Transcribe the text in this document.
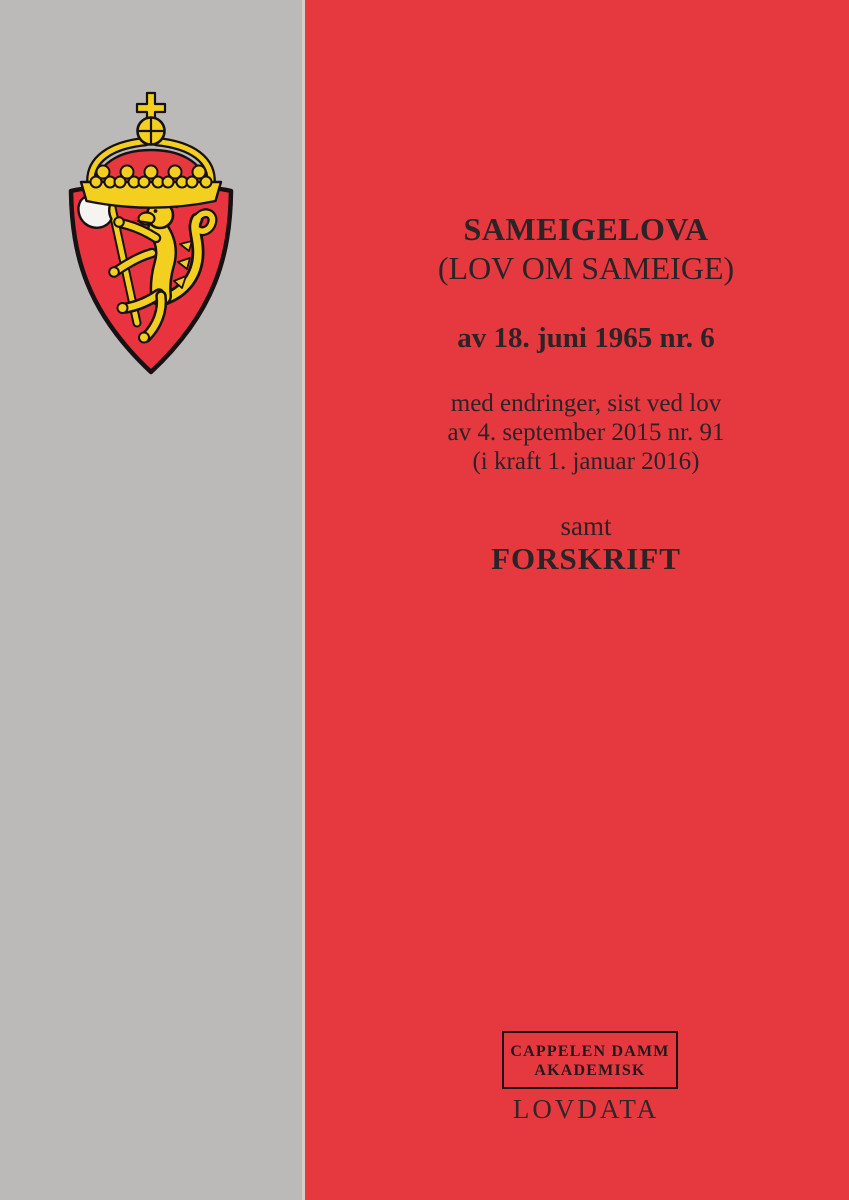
SAMEIGELOVA
(LOV OM SAMEIGE)
av 18. juni 1965 nr. 6
med endringer, sist ved lov
av 4. september 2015 nr. 91
(i kraft 1. januar 2016)
samt
FORSKRIFT
CAPPELEN DAMM
AKADEMISK
LOVDATA
